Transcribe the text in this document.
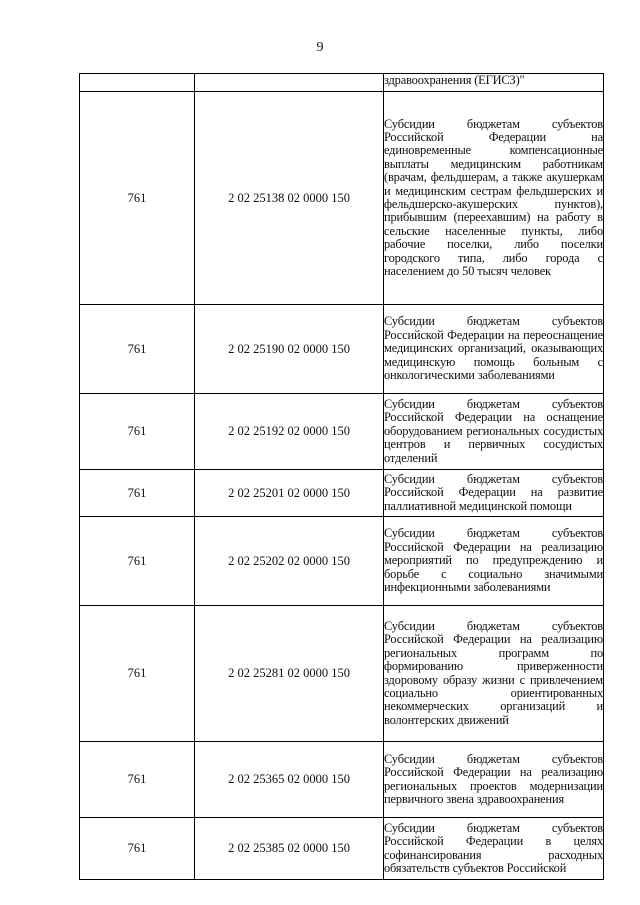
9
		здравоохранения (ЕГИСЗ)"
761	2 02 25138 02 0000 150	Субсидии бюджетам субъектов Российской Федерации на единовременные компенсационные выплаты медицинским работникам (врачам, фельдшерам, а также акушеркам и медицинским сестрам фельдшерских и фельдшерско-акушерских пунктов), прибывшим (переехавшим) на работу в сельские населенные пункты, либо рабочие поселки, либо поселки городского типа, либо города с населением до 50 тысяч человек
761	2 02 25190 02 0000 150	Субсидии бюджетам субъектов Российской Федерации на переоснащение медицинских организаций, оказывающих медицинскую помощь больным с онкологическими заболеваниями
761	2 02 25192 02 0000 150	Субсидии бюджетам субъектов Российской Федерации на оснащение оборудованием региональных сосудистых центров и первичных сосудистых отделений
761	2 02 25201 02 0000 150	Субсидии бюджетам субъектов Российской Федерации на развитие паллиативной медицинской помощи
761	2 02 25202 02 0000 150	Субсидии бюджетам субъектов Российской Федерации на реализацию мероприятий по предупреждению и борьбе с социально значимыми инфекционными заболеваниями
761	2 02 25281 02 0000 150	Субсидии бюджетам субъектов Российской Федерации на реализацию региональных программ по формированию приверженности здоровому образу жизни с привлечением социально ориентированных некоммерческих организаций и волонтерских движений
761	2 02 25365 02 0000 150	Субсидии бюджетам субъектов Российской Федерации на реализацию региональных проектов модернизации первичного звена здравоохранения
761	2 02 25385 02 0000 150	Субсидии бюджетам субъектов Российской Федерации в целях софинансирования расходных обязательств субъектов Российской
